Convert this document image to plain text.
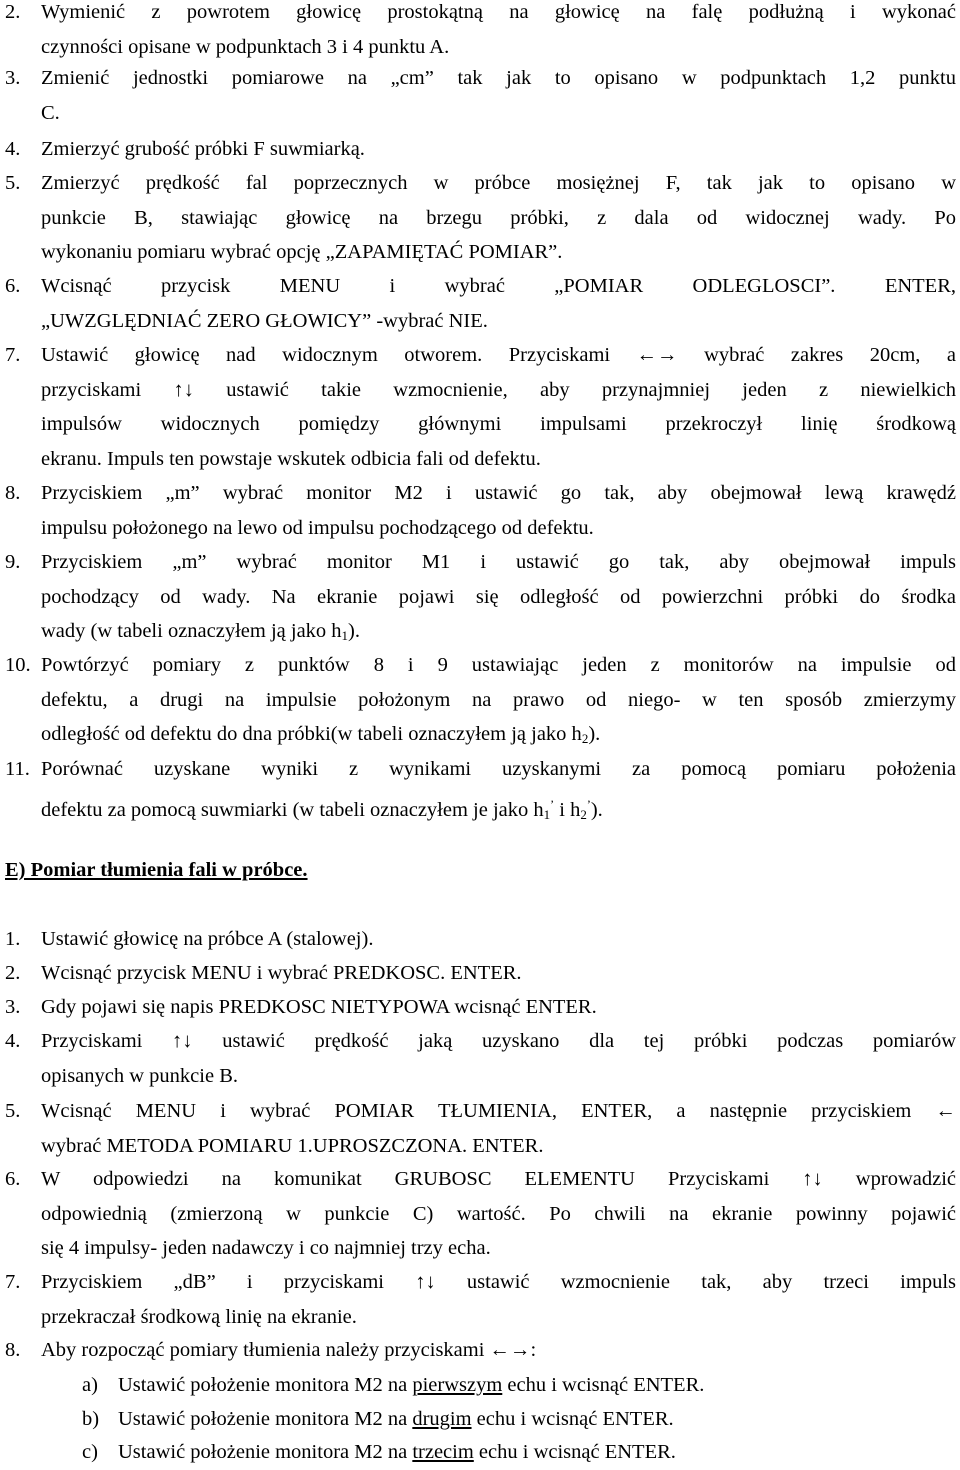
2. Wymienić z powrotem głowicę prostokątną na głowicę na falę podłużną i wykonać
czynności opisane w podpunktach 3 i 4 punktu A.
3. Zmienić jednostki pomiarowe na „cm” tak jak to opisano w podpunktach 1,2 punktu
C.
4. Zmierzyć grubość próbki F suwmiarką.
5. Zmierzyć prędkość fal poprzecznych w próbce mosiężnej F, tak jak to opisano w
punkcie B, stawiając głowicę na brzegu próbki, z dala od widocznej wady. Po
wykonaniu pomiaru wybrać opcję „ZAPAMIĘTAĆ POMIAR”.
6. Wcisnąć przycisk MENU i wybrać „POMIAR ODLEGLOSCI”. ENTER,
„UWZGLĘDNIAĆ ZERO GŁOWICY” -wybrać NIE.
7. Ustawić głowicę nad widocznym otworem. Przyciskami ←→ wybrać zakres 20cm, a
przyciskami ↑↓ ustawić takie wzmocnienie, aby przynajmniej jeden z niewielkich
impulsów widocznych pomiędzy głównymi impulsami przekroczył linię środkową
ekranu. Impuls ten powstaje wskutek odbicia fali od defektu.
8. Przyciskiem „m” wybrać monitor M2 i ustawić go tak, aby obejmował lewą krawędź
impulsu położonego na lewo od impulsu pochodzącego od defektu.
9. Przyciskiem „m” wybrać monitor M1 i ustawić go tak, aby obejmował impuls
pochodzący od wady. Na ekranie pojawi się odległość od powierzchni próbki do środka
wady (w tabeli oznaczyłem ją jako h1).
10. Powtórzyć pomiary z punktów 8 i 9 ustawiając jeden z monitorów na impulsie od
defektu, a drugi na impulsie położonym na prawo od niego- w ten sposób zmierzymy
odległość od defektu do dna próbki(w tabeli oznaczyłem ją jako h2).
11. Porównać uzyskane wyniki z wynikami uzyskanymi za pomocą pomiaru położenia
defektu za pomocą suwmiarki (w tabeli oznaczyłem je jako h1’ i h2’).
E) Pomiar tłumienia fali w próbce.
1. Ustawić głowicę na próbce A (stalowej).
2. Wcisnąć przycisk MENU i wybrać PREDKOSC. ENTER.
3. Gdy pojawi się napis PREDKOSC NIETYPOWA wcisnąć ENTER.
4. Przyciskami ↑↓ ustawić prędkość jaką uzyskano dla tej próbki podczas pomiarów
opisanych w punkcie B.
5. Wcisnąć MENU i wybrać POMIAR TŁUMIENIA, ENTER, a następnie przyciskiem ←
wybrać METODA POMIARU 1.UPROSZCZONA. ENTER.
6. W odpowiedzi na komunikat GRUBOSC ELEMENTU Przyciskami ↑↓ wprowadzić
odpowiednią (zmierzoną w punkcie C) wartość. Po chwili na ekranie powinny pojawić
się 4 impulsy- jeden nadawczy i co najmniej trzy echa.
7. Przyciskiem „dB” i przyciskami ↑↓ ustawić wzmocnienie tak, aby trzeci impuls
przekraczał środkową linię na ekranie.
8. Aby rozpocząć pomiary tłumienia należy przyciskami ←→:
a) Ustawić położenie monitora M2 na pierwszym echu i wcisnąć ENTER.
b) Ustawić położenie monitora M2 na drugim echu i wcisnąć ENTER.
c) Ustawić położenie monitora M2 na trzecim echu i wcisnąć ENTER.
